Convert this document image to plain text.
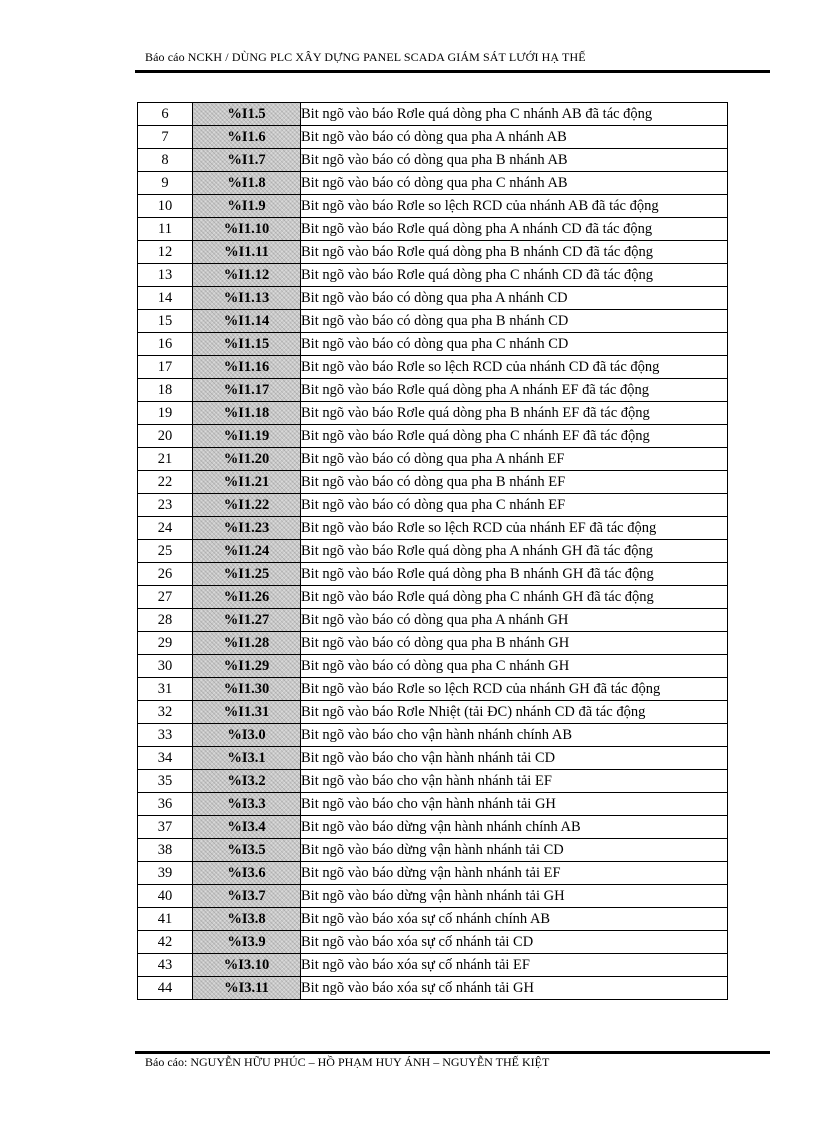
Báo cáo NCKH / DÙNG PLC XÂY DỰNG PANEL SCADA GIÁM SÁT LƯỚI HẠ THẾ
6	%I1.5	Bit ngõ vào báo Rơle quá dòng pha C nhánh AB đã tác động
7	%I1.6	Bit ngõ vào báo có dòng qua pha A nhánh AB
8	%I1.7	Bit ngõ vào báo có dòng qua pha B nhánh AB
9	%I1.8	Bit ngõ vào báo có dòng qua pha C nhánh AB
10	%I1.9	Bit ngõ vào báo Rơle so lệch RCD của nhánh AB đã tác động
11	%I1.10	Bit ngõ vào báo Rơle quá dòng pha A nhánh CD đã tác động
12	%I1.11	Bit ngõ vào báo Rơle quá dòng pha B nhánh CD đã tác động
13	%I1.12	Bit ngõ vào báo Rơle quá dòng pha C nhánh CD đã tác động
14	%I1.13	Bit ngõ vào báo có dòng qua pha A nhánh CD
15	%I1.14	Bit ngõ vào báo có dòng qua pha B nhánh CD
16	%I1.15	Bit ngõ vào báo có dòng qua pha C nhánh CD
17	%I1.16	Bit ngõ vào báo Rơle so lệch RCD của nhánh CD đã tác động
18	%I1.17	Bit ngõ vào báo Rơle quá dòng pha A nhánh EF đã tác động
19	%I1.18	Bit ngõ vào báo Rơle quá dòng pha B nhánh EF đã tác động
20	%I1.19	Bit ngõ vào báo Rơle quá dòng pha C nhánh EF đã tác động
21	%I1.20	Bit ngõ vào báo có dòng qua pha A nhánh EF
22	%I1.21	Bit ngõ vào báo có dòng qua pha B nhánh EF
23	%I1.22	Bit ngõ vào báo có dòng qua pha C nhánh EF
24	%I1.23	Bit ngõ vào báo Rơle so lệch RCD của nhánh EF đã tác động
25	%I1.24	Bit ngõ vào báo Rơle quá dòng pha A nhánh GH đã tác động
26	%I1.25	Bit ngõ vào báo Rơle quá dòng pha B nhánh GH đã tác động
27	%I1.26	Bit ngõ vào báo Rơle quá dòng pha C nhánh GH đã tác động
28	%I1.27	Bit ngõ vào báo có dòng qua pha A nhánh GH
29	%I1.28	Bit ngõ vào báo có dòng qua pha B nhánh GH
30	%I1.29	Bit ngõ vào báo có dòng qua pha C nhánh GH
31	%I1.30	Bit ngõ vào báo Rơle so lệch RCD của nhánh GH đã tác động
32	%I1.31	Bit ngõ vào báo Rơle Nhiệt (tải ĐC) nhánh CD đã tác động
33	%I3.0	Bit ngõ vào báo cho vận hành nhánh chính AB
34	%I3.1	Bit ngõ vào báo cho vận hành nhánh tải CD
35	%I3.2	Bit ngõ vào báo cho vận hành nhánh tải EF
36	%I3.3	Bit ngõ vào báo cho vận hành nhánh tải GH
37	%I3.4	Bit ngõ vào báo dừng vận hành nhánh chính AB
38	%I3.5	Bit ngõ vào báo dừng vận hành nhánh tải CD
39	%I3.6	Bit ngõ vào báo dừng vận hành nhánh tải EF
40	%I3.7	Bit ngõ vào báo dừng vận hành nhánh tải GH
41	%I3.8	Bit ngõ vào báo xóa sự cố nhánh chính AB
42	%I3.9	Bit ngõ vào báo xóa sự cố nhánh tải CD
43	%I3.10	Bit ngõ vào báo xóa sự cố nhánh tải EF
44	%I3.11	Bit ngõ vào báo xóa sự cố nhánh tải GH
Báo cáo: NGUYỄN HỮU PHÚC – HỒ PHẠM HUY ÁNH – NGUYỄN THẾ KIỆT
